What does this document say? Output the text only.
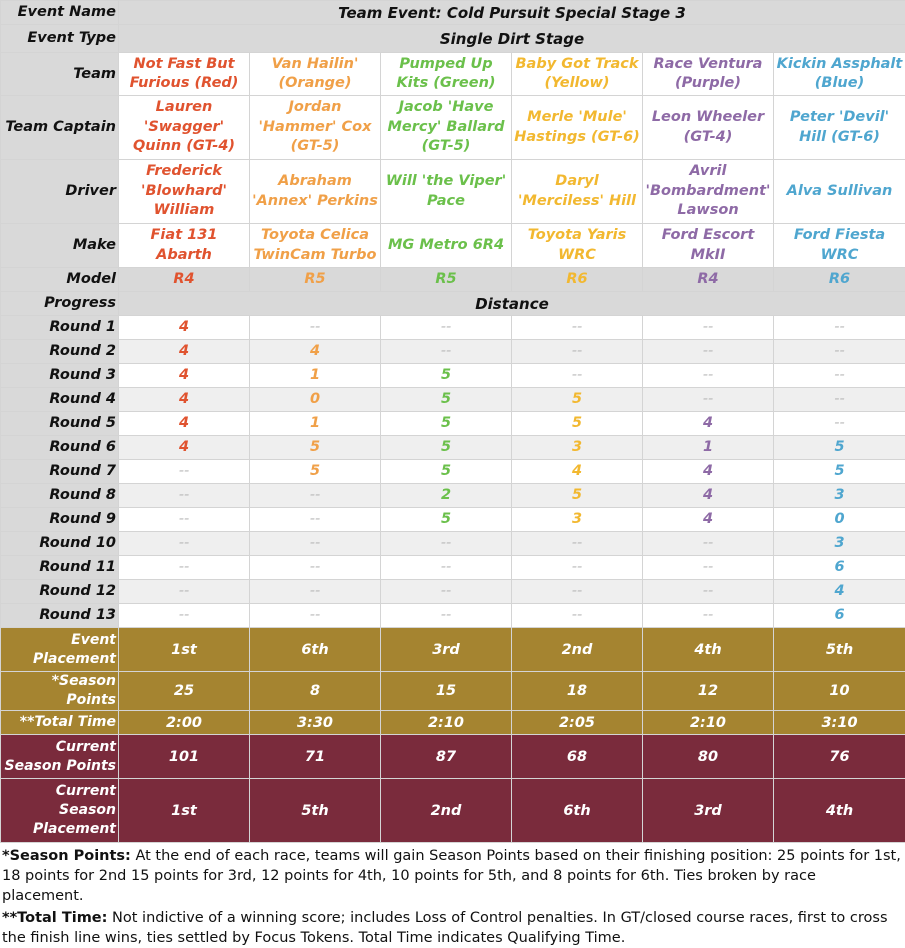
Event Name	Team Event: Cold Pursuit Special Stage 3					
Event Type	Single Dirt Stage					
Team	Not Fast But Furious (Red)	Van Hailin' (Orange)	Pumped Up Kits (Green)	Baby Got Track (Yellow)	Race Ventura (Purple)	Kickin Assphalt (Blue)
Team Captain	Lauren 'Swagger' Quinn (GT-4)	Jordan 'Hammer' Cox (GT-5)	Jacob 'Have Mercy' Ballard (GT-5)	Merle 'Mule' Hastings (GT-6)	Leon Wheeler (GT-4)	Peter 'Devil' Hill (GT-6)
Driver	Frederick 'Blowhard' William	Abraham 'Annex' Perkins	Will 'the Viper' Pace	Daryl 'Merciless' Hill	Avril 'Bombardment' Lawson	Alva Sullivan
Make	Fiat 131 Abarth	Toyota Celica TwinCam Turbo	MG Metro 6R4	Toyota Yaris WRC	Ford Escort MkII	Ford Fiesta WRC
Model	R4	R5	R5	R6	R4	R6
Progress	Distance					
Round 1	4	--	--	--	--	--
Round 2	4	4	--	--	--	--
Round 3	4	1	5	--	--	--
Round 4	4	0	5	5	--	--
Round 5	4	1	5	5	4	--
Round 6	4	5	5	3	1	5
Round 7	--	5	5	4	4	5
Round 8	--	--	2	5	4	3
Round 9	--	--	5	3	4	0
Round 10	--	--	--	--	--	3
Round 11	--	--	--	--	--	6
Round 12	--	--	--	--	--	4
Round 13	--	--	--	--	--	6
Event Placement	1st	6th	3rd	2nd	4th	5th
*Season Points	25	8	15	18	12	10
**Total Time	2:00	3:30	2:10	2:05	2:10	3:10
Current Season Points	101	71	87	68	80	76
Current Season Placement	1st	5th	2nd	6th	3rd	4th

*Season Points: At the end of each race, teams will gain Season Points based on their finishing position: 25 points for 1st, 18 points for 2nd 15 points for 3rd, 12 points for 4th, 10 points for 5th, and 8 points for 6th. Ties broken by race placement.

**Total Time: Not indictive of a winning score; includes Loss of Control penalties. In GT/closed course races, first to cross the finish line wins, ties settled by Focus Tokens. Total Time indicates Qualifying Time.
